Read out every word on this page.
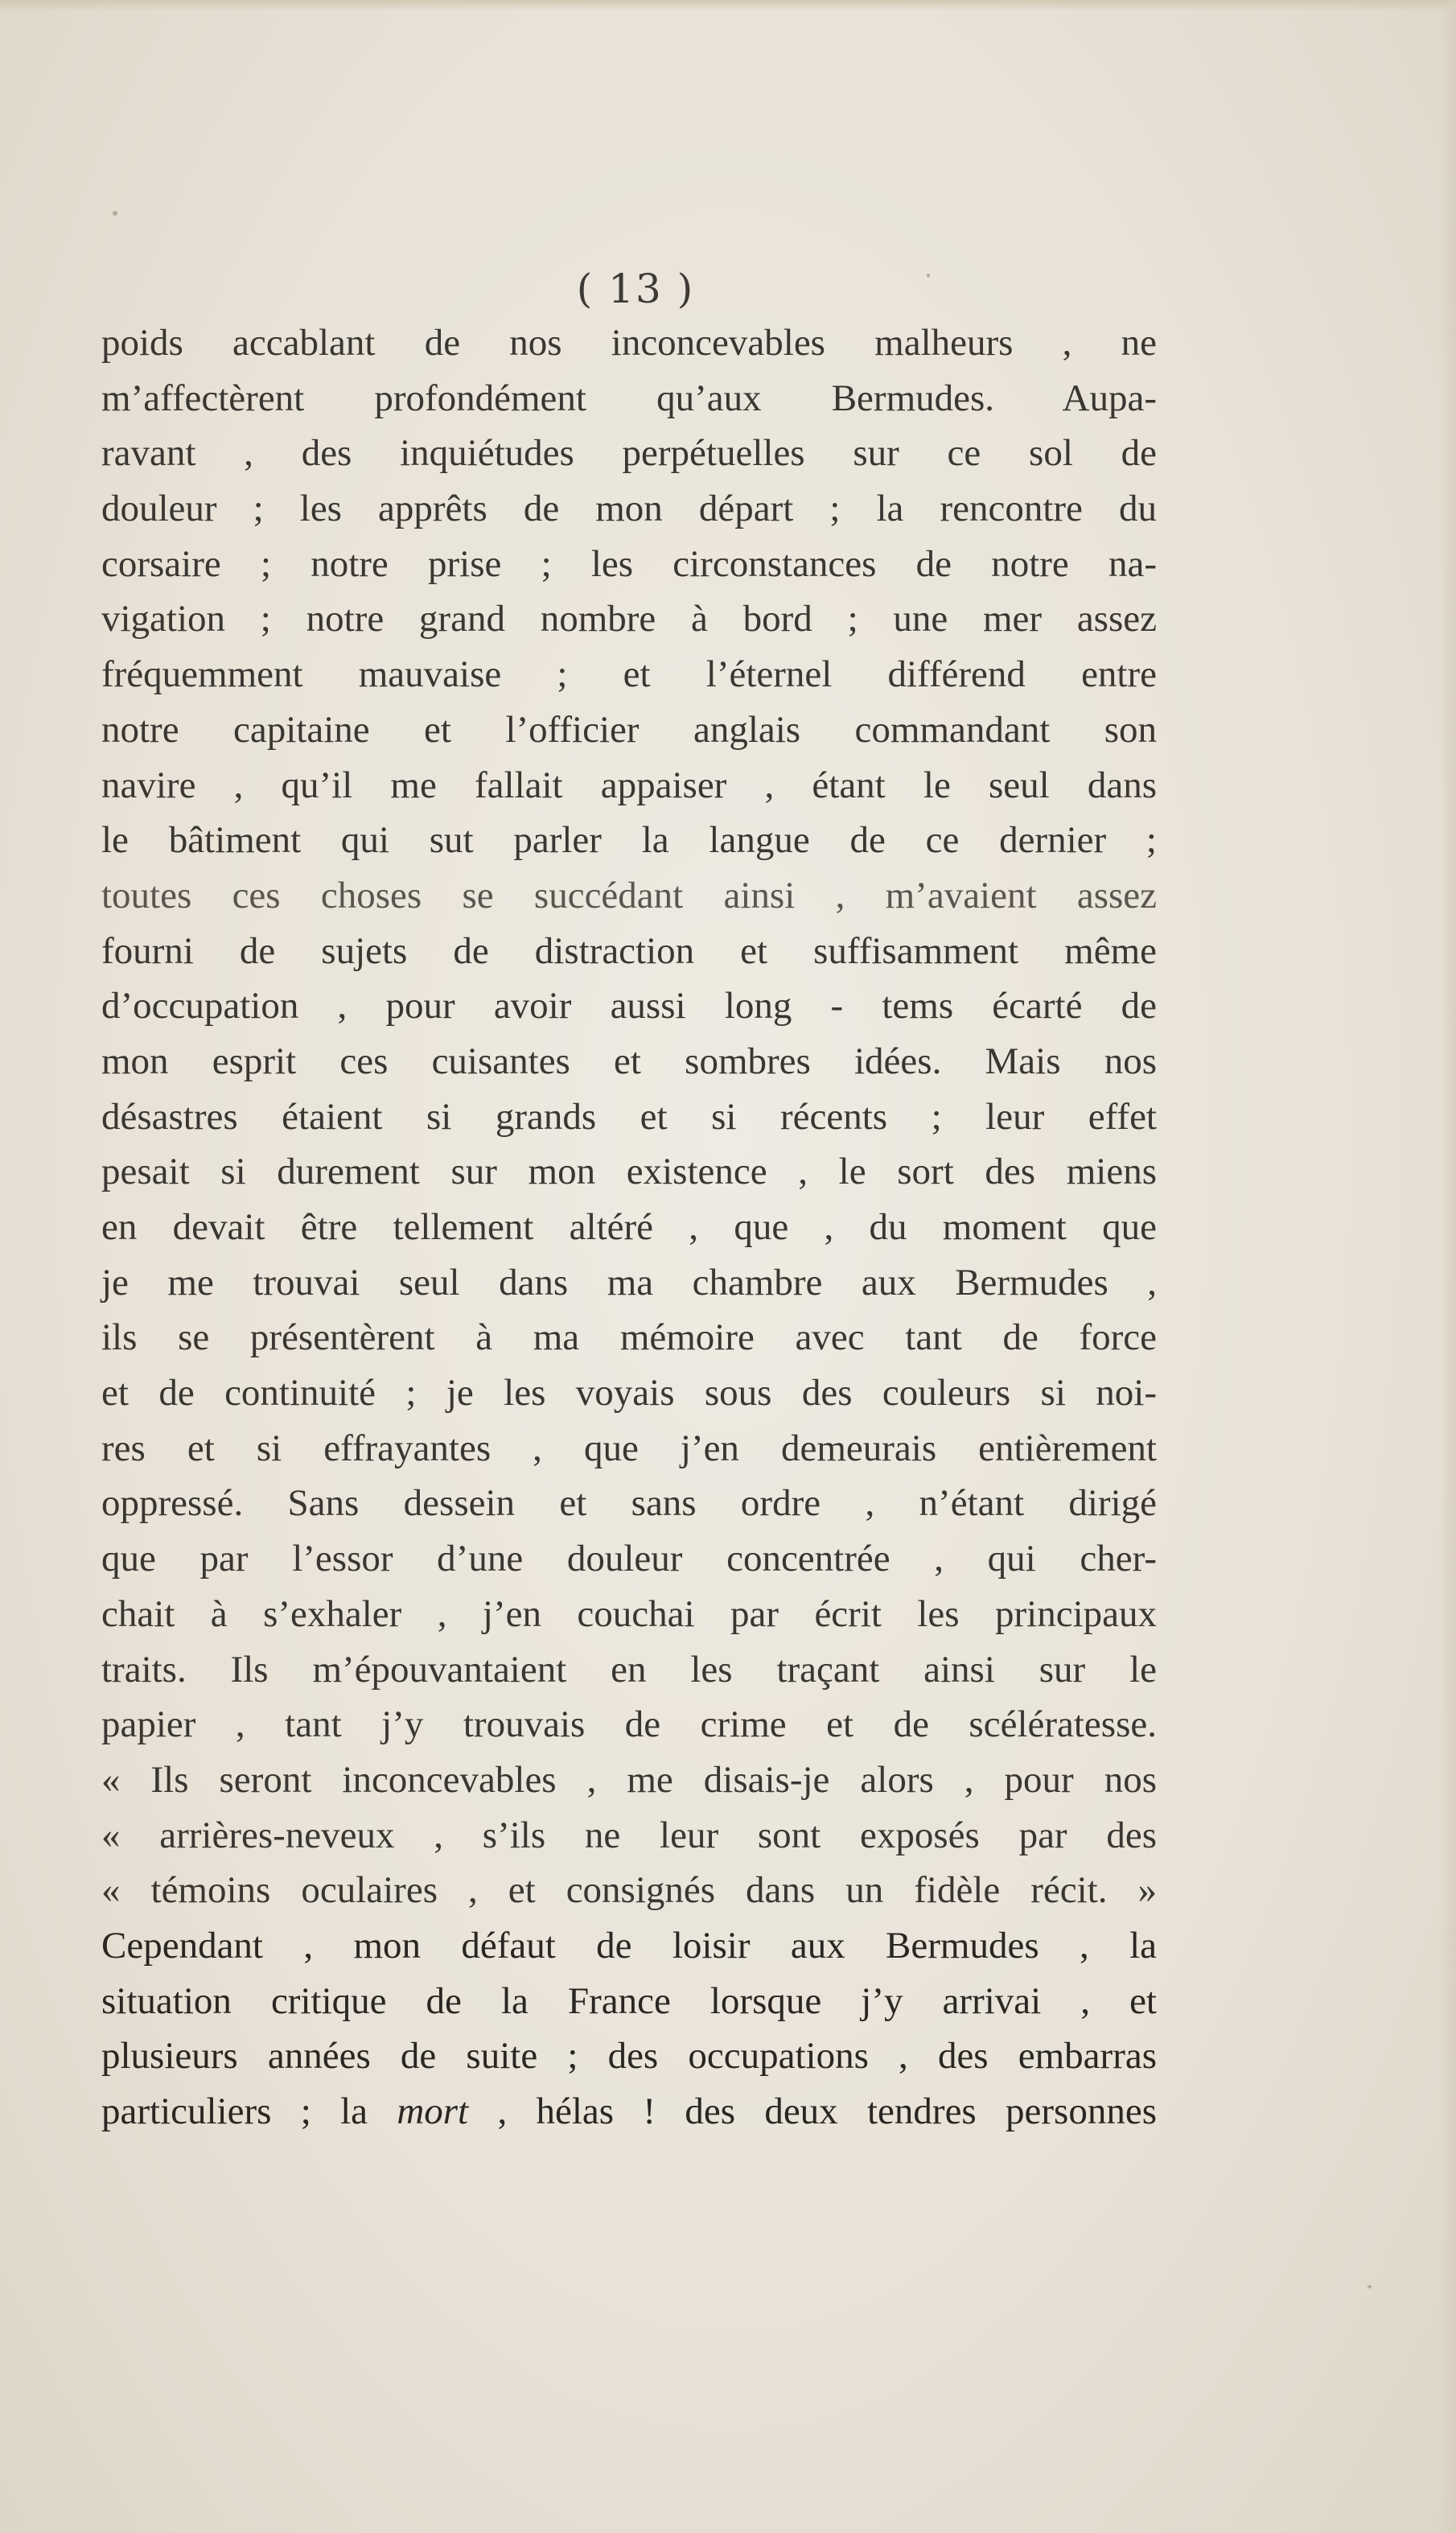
( 13 )
poids accablant de nos inconcevables malheurs , ne
m’affectèrent profondément qu’aux Bermudes. Aupa-
ravant , des inquiétudes perpétuelles sur ce sol de
douleur ; les apprêts de mon départ ; la rencontre du
corsaire ; notre prise ; les circonstances de notre na-
vigation ; notre grand nombre à bord ; une mer assez
fréquemment mauvaise ; et l’éternel différend entre
notre capitaine et l’officier anglais commandant son
navire , qu’il me fallait appaiser , étant le seul dans
le bâtiment qui sut parler la langue de ce dernier ;
toutes ces choses se succédant ainsi , m’avaient assez
fourni de sujets de distraction et suffisamment même
d’occupation , pour avoir aussi long - tems écarté de
mon esprit ces cuisantes et sombres idées. Mais nos
désastres étaient si grands et si récents ; leur effet
pesait si durement sur mon existence , le sort des miens
en devait être tellement altéré , que , du moment que
je me trouvai seul dans ma chambre aux Bermudes ,
ils se présentèrent à ma mémoire avec tant de force
et de continuité ; je les voyais sous des couleurs si noi-
res et si effrayantes , que j’en demeurais entièrement
oppressé. Sans dessein et sans ordre , n’étant dirigé
que par l’essor d’une douleur concentrée , qui cher-
chait à s’exhaler , j’en couchai par écrit les principaux
traits. Ils m’épouvantaient en les traçant ainsi sur le
papier , tant j’y trouvais de crime et de scélératesse.
« Ils seront inconcevables , me disais-je alors , pour nos
« arrières-neveux , s’ils ne leur sont exposés par des
« témoins oculaires , et consignés dans un fidèle récit. »
Cependant , mon défaut de loisir aux Bermudes , la
situation critique de la France lorsque j’y arrivai , et
plusieurs années de suite ; des occupations , des embarras
particuliers ; la mort , hélas ! des deux tendres personnes
